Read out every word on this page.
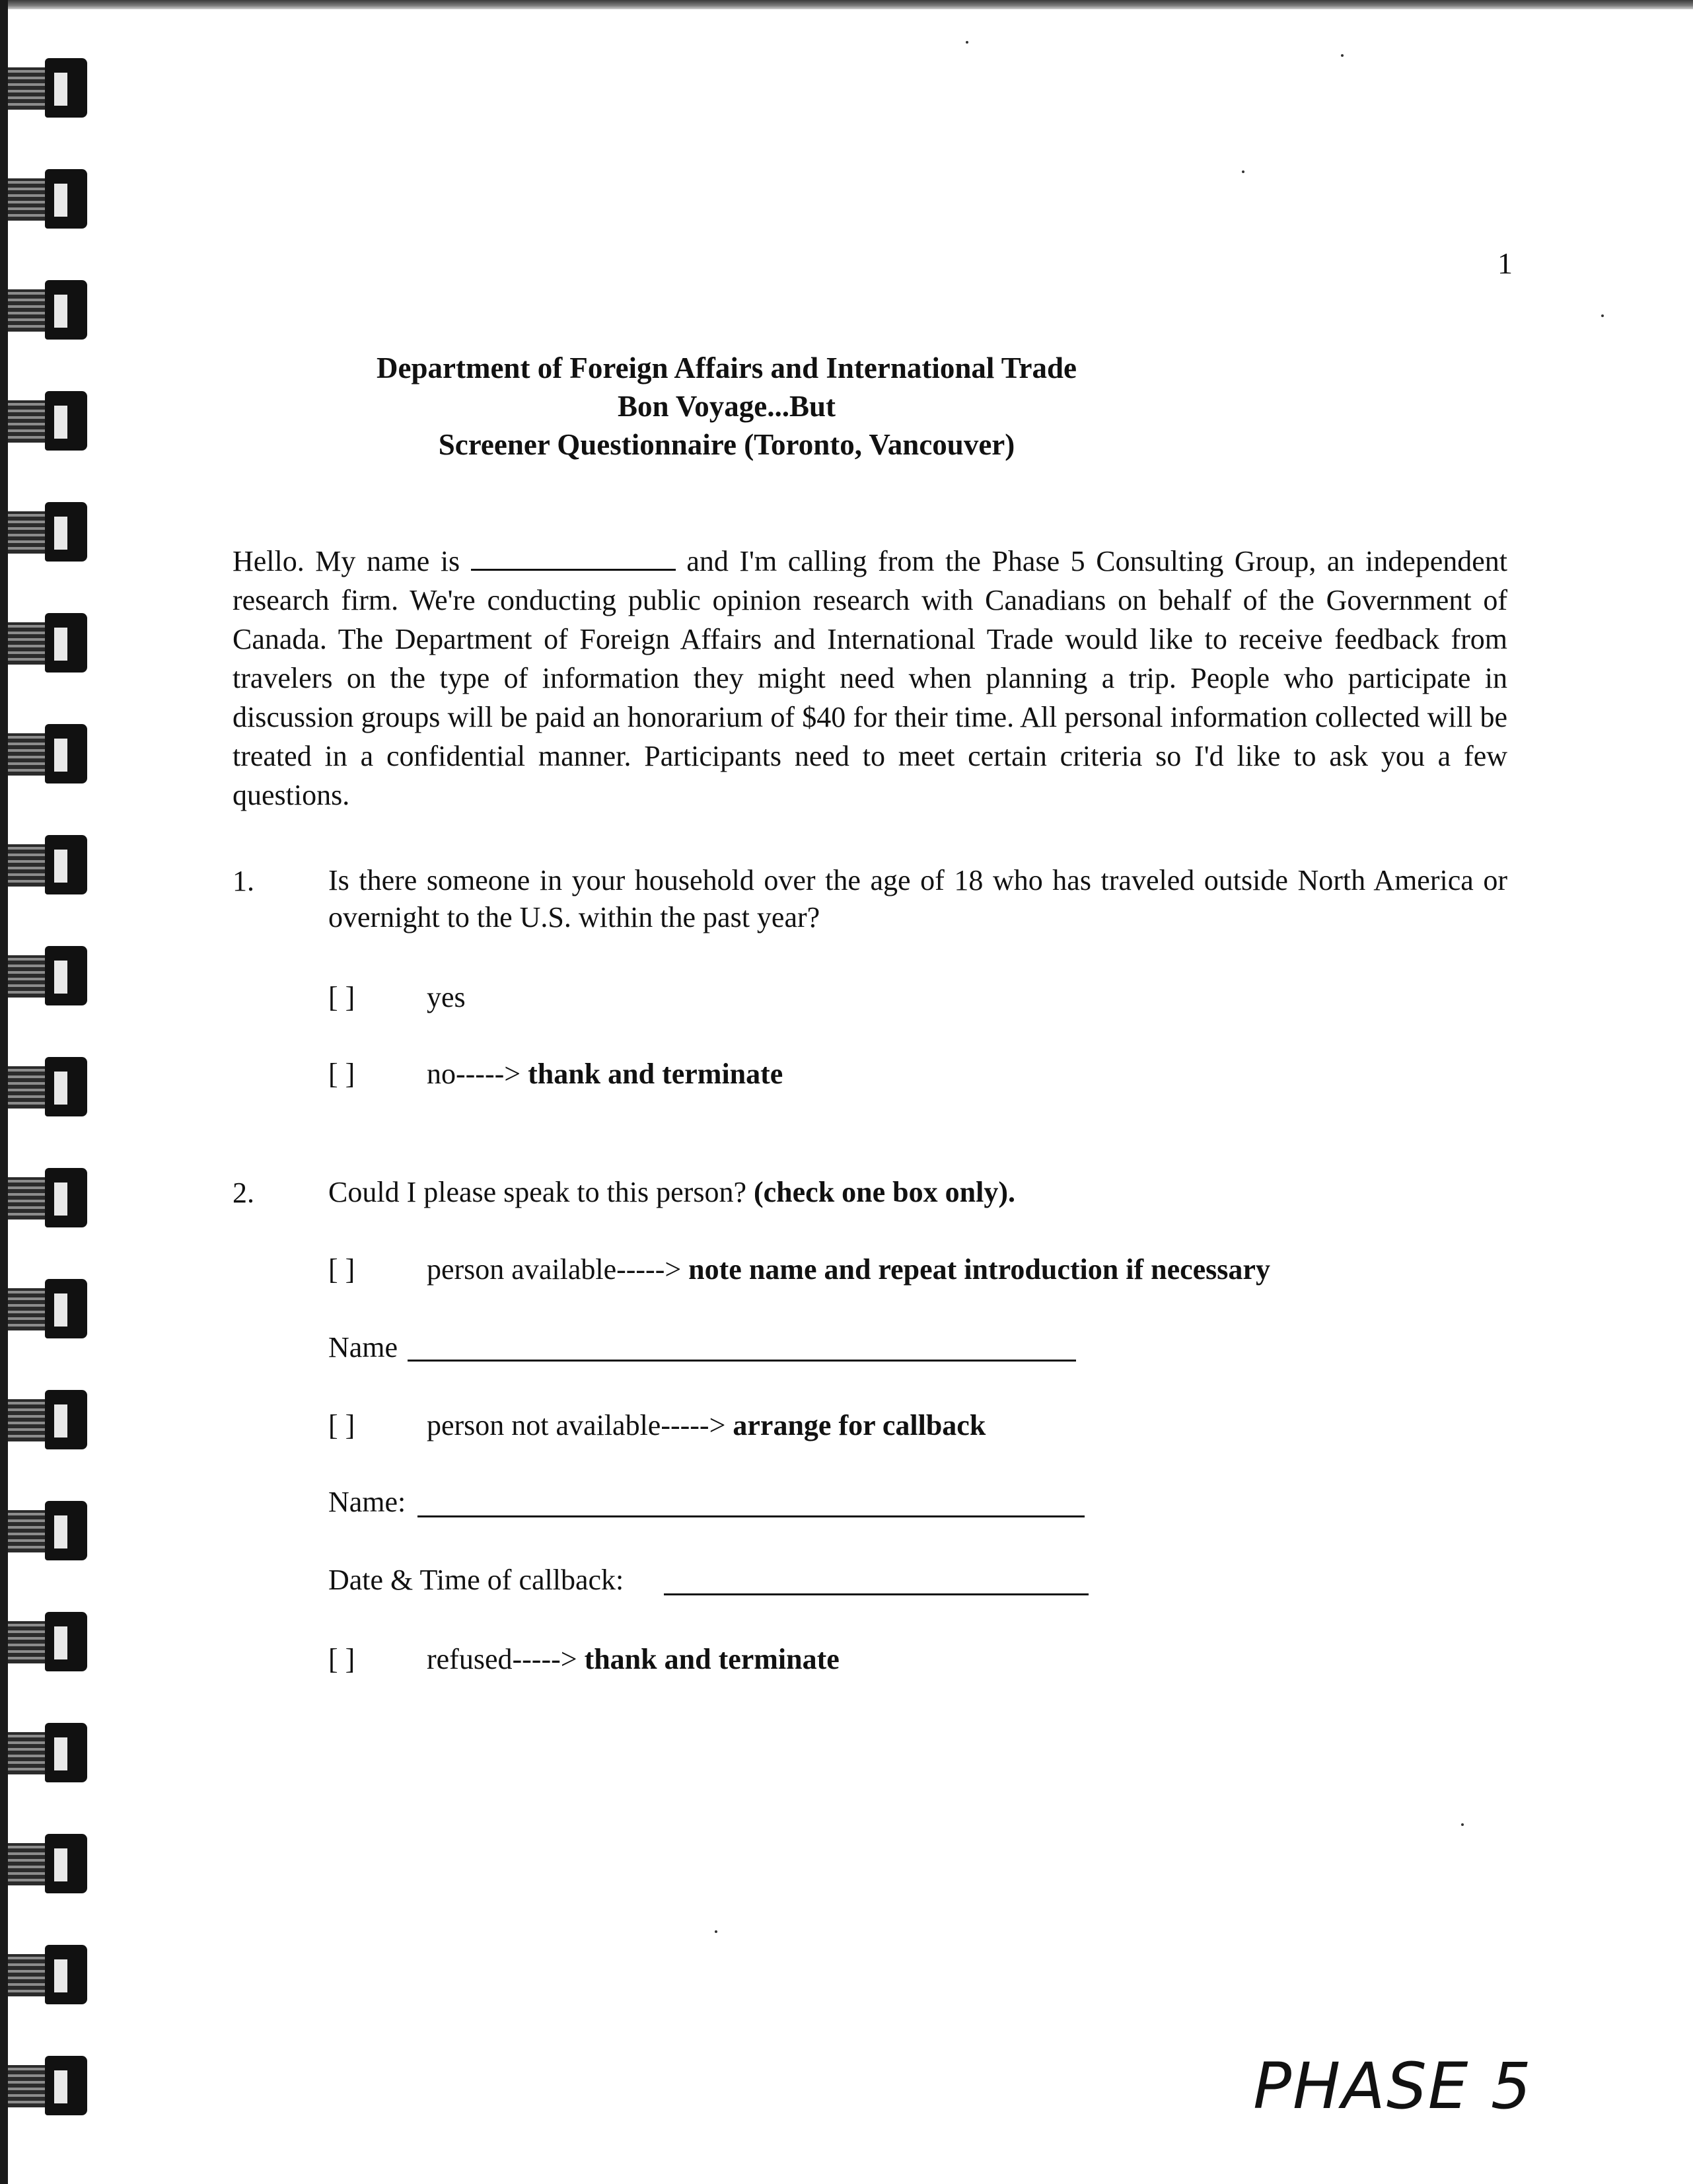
1
Department of Foreign Affairs and International Trade
Bon Voyage...But
Screener Questionnaire (Toronto, Vancouver)
Hello. My name is	and I'm calling from the Phase 5 Consulting Group, an independent research firm. We're conducting public opinion research with Canadians on behalf of the Government of Canada. The Department of Foreign Affairs and International Trade would like to receive feedback from travelers on the type of information they might need when planning a trip. People who participate in discussion groups will be paid an honorarium of $40 for their time. All personal information collected will be treated in a confidential manner. Participants need to meet certain criteria so I'd like to ask you a few questions.
1.	Is there someone in your household over the age of 18 who has traveled outside North America or overnight to the U.S. within the past year?
[ ] yes
[ ] no-----> thank and terminate
2.	Could I please speak to this person? (check one box only).
[ ] person available-----> note name and repeat introduction if necessary
Name
[ ] person not available-----> arrange for callback
Name:
Date & Time of callback:
[ ] refused-----> thank and terminate
PHASE 5
